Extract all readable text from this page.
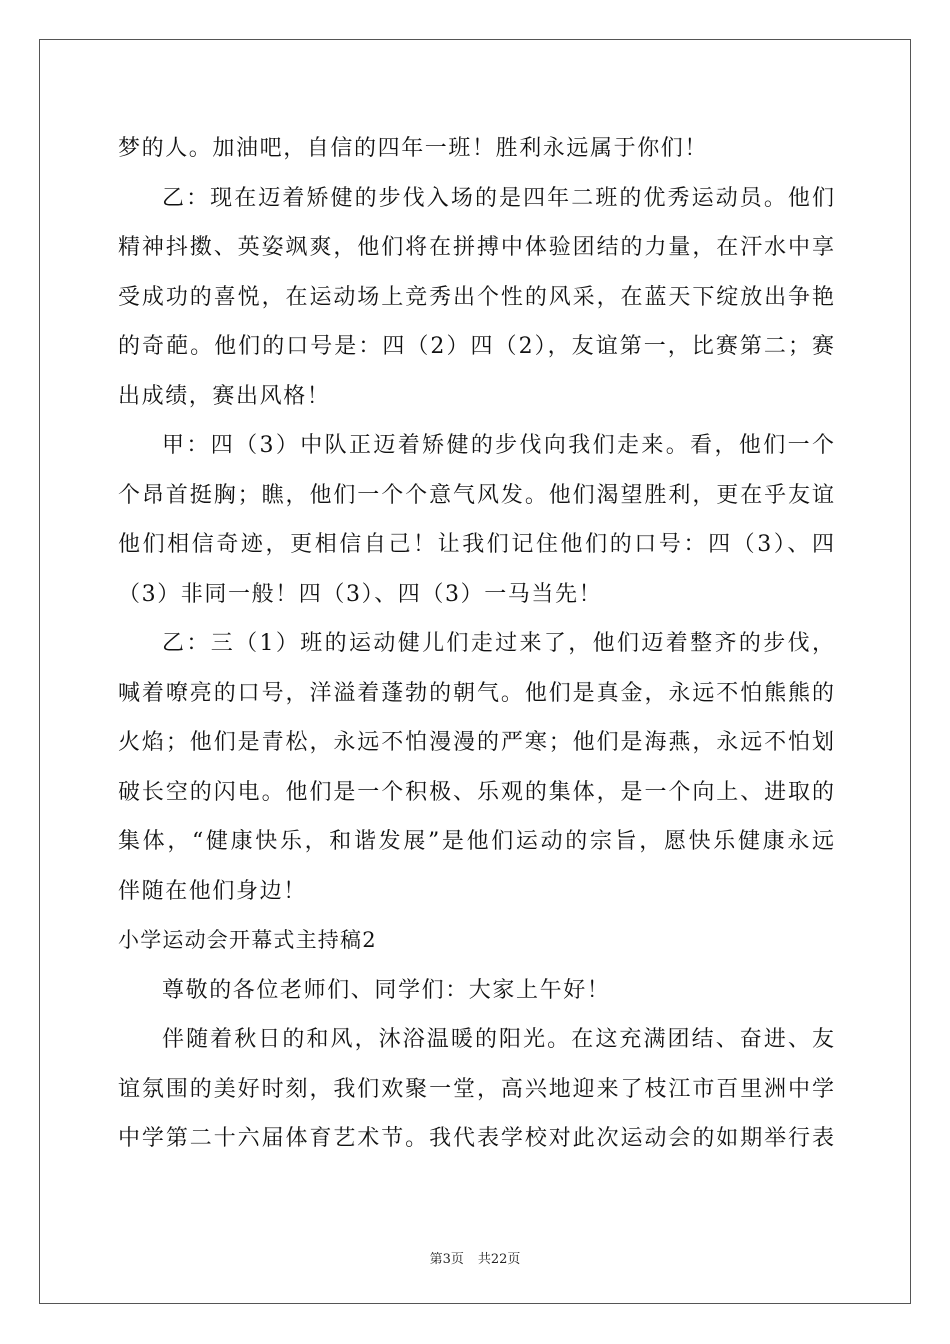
梦的人。加油吧，自信的四年一班！胜利永远属于你们！
乙：现在迈着矫健的步伐入场的是四年二班的优秀运动员。他们
精神抖擞、英姿飒爽，他们将在拼搏中体验团结的力量，在汗水中享
受成功的喜悦，在运动场上竞秀出个性的风采，在蓝天下绽放出争艳
的奇葩。他们的口号是：四（2）四（2），友谊第一，比赛第二；赛
出成绩，赛出风格！
甲：四（3）中队正迈着矫健的步伐向我们走来。看，他们一个
个昂首挺胸；瞧，他们一个个意气风发。他们渴望胜利，更在乎友谊
他们相信奇迹，更相信自己！让我们记住他们的口号：四（3）、四
（3）非同一般！四（3）、四（3）一马当先！
乙：三（1）班的运动健儿们走过来了，他们迈着整齐的步伐，
喊着嘹亮的口号，洋溢着蓬勃的朝气。他们是真金，永远不怕熊熊的
火焰；他们是青松，永远不怕漫漫的严寒；他们是海燕，永远不怕划
破长空的闪电。他们是一个积极、乐观的集体，是一个向上、进取的
集体，“健康快乐，和谐发展”是他们运动的宗旨，愿快乐健康永远
伴随在他们身边！
小学运动会开幕式主持稿2
尊敬的各位老师们、同学们：大家上午好！
伴随着秋日的和风，沐浴温暖的阳光。在这充满团结、奋进、友
谊氛围的美好时刻，我们欢聚一堂，高兴地迎来了枝江市百里洲中学
中学第二十六届体育艺术节。我代表学校对此次运动会的如期举行表
第3页 共22页
